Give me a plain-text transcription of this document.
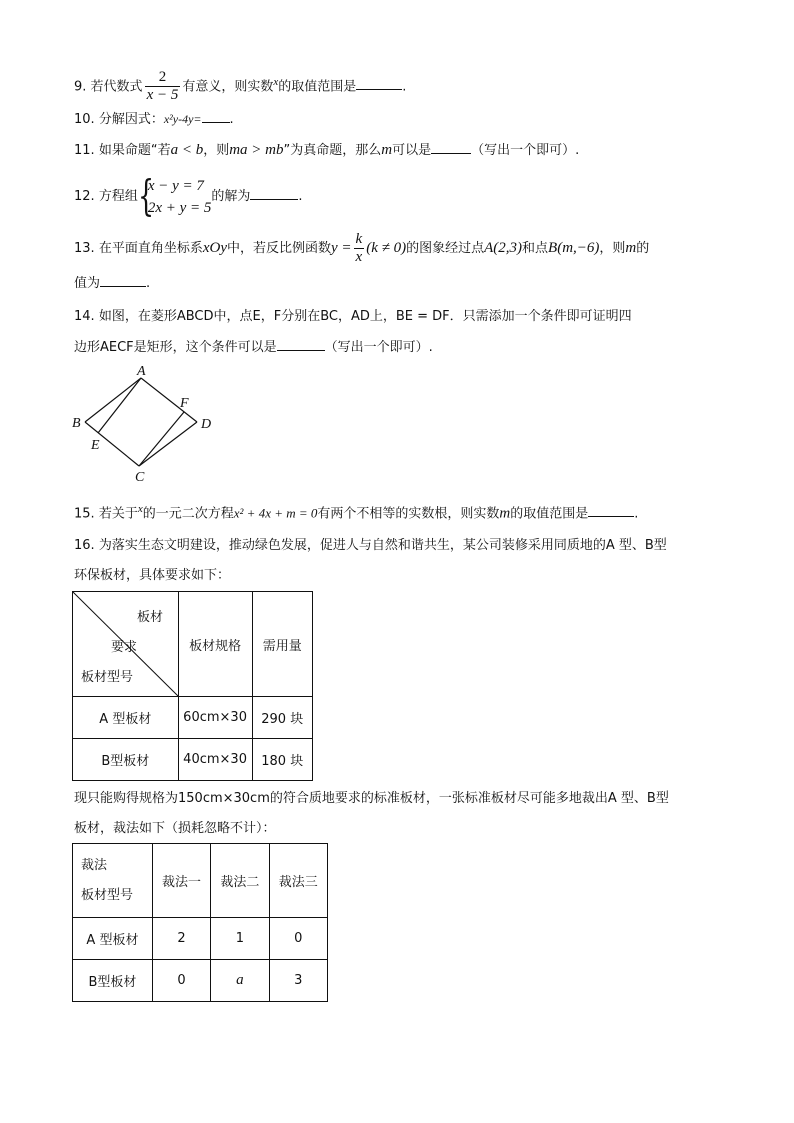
9. 若代数式 $\frac{2}{x - 5}$ 有意义，则实数$^x$的取值范围是	.
10. 分解因式：x²y-4y= .
11. 如果命题“若a < b，则ma > mb”为真命题，那么m可以是	（写出一个即可）.
12. 方程组 {
x − y = 7
2x + y = 5
的解为	.
13. 在平面直角坐标系xOy中，若反比例函数$y = \frac{k}{x} (k \ne 0)$的图象经过点A(2,3)和点B(m,−6)，则m的
值为	.
14. 如图，在菱形ABCD中，点E，F分别在BC，AD上，BE = DF．只需添加一个条件即可证明四
边形AECF是矩形，这个条件可以是	（写出一个即可）.
A
B
C
D
E
F
15. 若关于$^x$的一元二次方程x² + 4x + m = 0有两个不相等的实数根，则实数m的取值范围是	.
16. 为落实生态文明建设，推动绿色发展，促进人与自然和谐共生，某公司装修采用同质地的A 型、B型
环保板材，具体要求如下：
板材
要求
板材型号	板材规格	需用量
A 型板材	60cm×30	290 块
B型板材	40cm×30	180 块
现只能购得规格为150cm×30cm的符合质地要求的标准板材，一张标准板材尽可能多地裁出A 型、B型
板材，裁法如下（损耗忽略不计）：
裁法
板材型号	裁法一	裁法二	裁法三
A 型板材	2	1	0
B型板材	0	a	3
